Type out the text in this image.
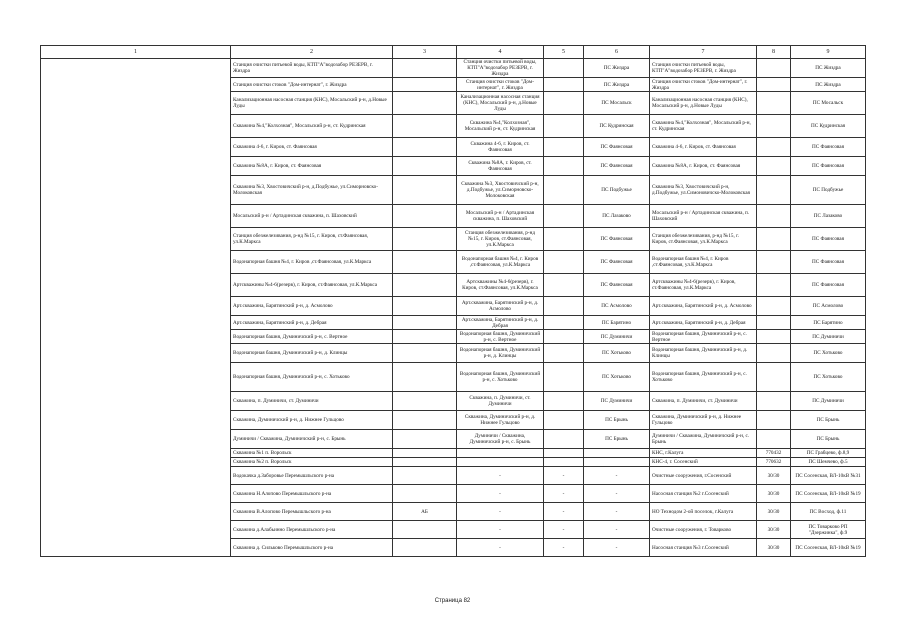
1	2	3	4	5	6	7	8	9
	Станция очистки питьевой воды, КТП"А"водозабор РЕЗЕРВ, г. Жиздра		Станция очистки питьевой воды, КТП"А"водозабор РЕЗЕРВ, г. Жиздра		ПС Жиздра	Станция очистки питьевой воды, КТП"А"водозабор РЕЗЕРВ, г. Жиздра		ПС Жиздра
	Станция очистки стоков "Дом-интернат", г. Жиздра		Станция очистки стоков "Дом-интернат", г. Жиздра		ПС Жиздра	Станция очистки стоков "Дом-интернат", г. Жиздра		ПС Жиздра
	Канализационная насосная станция (КНС), Мосальский р-н, д.Новые Луды		Канализационная насосная станция (КНС), Мосальский р-н, д.Новые Луды		ПС Мосальск	Канализационная насосная станция (КНС), Мосальский р-н, д.Новые Луды		ПС Мосальск
	Скважина №4,"Колхозная", Мосальский р-н, ст. Кудринская		Скважина №4,"Колхозная", Мосальский р-н, ст. Кудринская		ПС Кудринская	Скважина №4,"Колхозная", Мосальский р-н, ст. Кудринская		ПС Кудринская
	Скважина 4-6, г. Киров, ст. Фаянсовая		Скважина 4-6, г. Киров, ст. Фаянсовая		ПС Фаянсовая	Скважина 4-6, г. Киров, ст. Фаянсовая		ПС Фаянсовая
	Скважина №8А, г. Киров, ст. Фаянсовая		Скважина №8А, г. Киров, ст. Фаянсовая		ПС Фаянсовая	Скважина №8А, г. Киров, ст. Фаянсовая		ПС Фаянсовая
	Скважина №3, Хвостовичский р-н, д.Подбужье, ул.Симорновско-Молоковская		Скважина №3, Хвостовичский р-н, д.Подбужье, ул.Симорновско-Молоковская		ПС Подбужье	Скважина №3, Хвостовичский р-н, д.Подбужье, ул.Симоновичско-Молоковская		ПС Подбужье
	Мосальский р-н / Артадинская скважина, п. Шаховский		Мосальский р-н / Артадинская скважина, п. Шаховский		ПС Лазаково	Мосальский р-н / Артадинская скважина, п. Шаховский		ПС Лазаково
	Станция обезжелезивания, р-нд №15, г. Киров, ст.Фаянсовая, ул.К.Маркса		Станция обезжелезивания, р-нд №15, г. Киров, ст.Фаянсовая, ул.К.Маркса		ПС Фаянсовая	Станция обезжелезивания, р-нд №15, г. Киров, ст.Фаянсовая, ул.К.Маркса		ПС Фаянсовая
	Водонапорная башня №4, г. Киров ,ст.Фаянсовая, ул.К.Маркса		Водонапорная башня №4, г. Киров ,ст.Фаянсовая, ул.К.Маркса		ПС Фаянсовая	Водонапорная башня №4, г. Киров ,ст.Фаянсовая, ул.К.Маркса		ПС Фаянсовая
	Артскважины №4-6(резерв), г. Киров, ст.Фаянсовая, ул.К.Маркса		Артскважины №4-6(резерв), г. Киров, ст.Фаянсовая, ул.К.Маркса		ПС Фаянсовая	Артскважины №4-6(резерв), г. Киров, ст.Фаянсовая, ул.К.Маркса		ПС Фаянсовая
	Арт.скважина, Барятинский р-н, д. Асмолово		Арт.скважина, Барятинский р-н, д. Асмолово		ПС Асмолово	Арт.скважина, Барятинский р-н, д. Асмолово		ПС Асмолово
	Арт.скважина, Барятинский р-н, д. Дебрая		Арт.скважина, Барятинский р-н, д. Дебрая		ПС Барятино	Арт.скважина, Барятинский р-н, д. Дебрая		ПС Барятино
	Водонапорная башня, Думиничский р-н, с. Вертное		Водонапорная башня, Думиничский р-н, с. Вертное		ПС Думиничи	Водонапорная башня, Думиничский р-н, с. Вертное		ПС Думиничи
	Водонапорная башня, Думиничский р-н, д. Клинцы		Водонапорная башня, Думиничский р-н, д. Клинцы		ПС Хотьково	Водонапорная башня, Думиничский р-н, д. Клинцы		ПС Хотьково
	Водонапорная башня, Думиничский р-н, с. Хотьково		Водонапорная башня, Думиничский р-н, с. Хотьково		ПС Хотьково	Водонапорная башня, Думиничский р-н, с. Хотьково		ПС Хотьково
	Скважина, п. Думиничи, ст. Думиничи		Скважина, п. Думиничи, ст. Думиничи		ПС Думиничи	Скважина, п. Думиничи, ст. Думиничи		ПС Думиничи
	Скважина, Думиничский р-н, д. Нижнее Гульцово		Скважина, Думиничский р-н, д. Нижнее Гульцово		ПС Брынь	Скважина, Думиничский р-н, д. Нижнее Гульцово		ПС Брынь
	Думиничи / Скважина, Думиничский р-н, с. Брынь		Думиничи / Скважина, Думиничский р-н, с. Брынь		ПС Брынь	Думиничи / Скважина, Думиничский р-н, с. Брынь		ПС Брынь
	Скважина №1 п. Ворольск					КНС, г.Калуга	770432	ПС Грабцево, ф.8,9
	Скважина №2 п. Ворольск					КНС-4, г. Сосенский	770632	ПС Шемчево, ф.5
	Водокачка д.Заборовье Перемышльского р-на		-	-	-	Очистные сооружения, г.Сосенский	30/30	ПС Сосенская, ВЛ-10кВ №31
	Скважина Н.Алопово Перемышльского р-на		-	-	-	Насосная станция №2 г.Сосенский	30/30	ПС Сосенская, ВЛ-10кВ №19
	Скважина В.Алопово Перемышльского р-на	АБ	-	-	-	НО Технодом 2-ой поселок, г.Калуга	30/30	ПС Восход, ф.11
	Скважина д.Алабьинно Перемышльского р-на		-	-	-	Очистные сооружения, г. Товарково	30/30	ПС Товарково РП "Дзержинка", ф.9
	Скважина д. Сильково Перемышльского р-на		-	-	-	Насосная станция №3 г.Сосенский	30/30	ПС Сосенская, ВЛ-10кВ №19
Страница 82
